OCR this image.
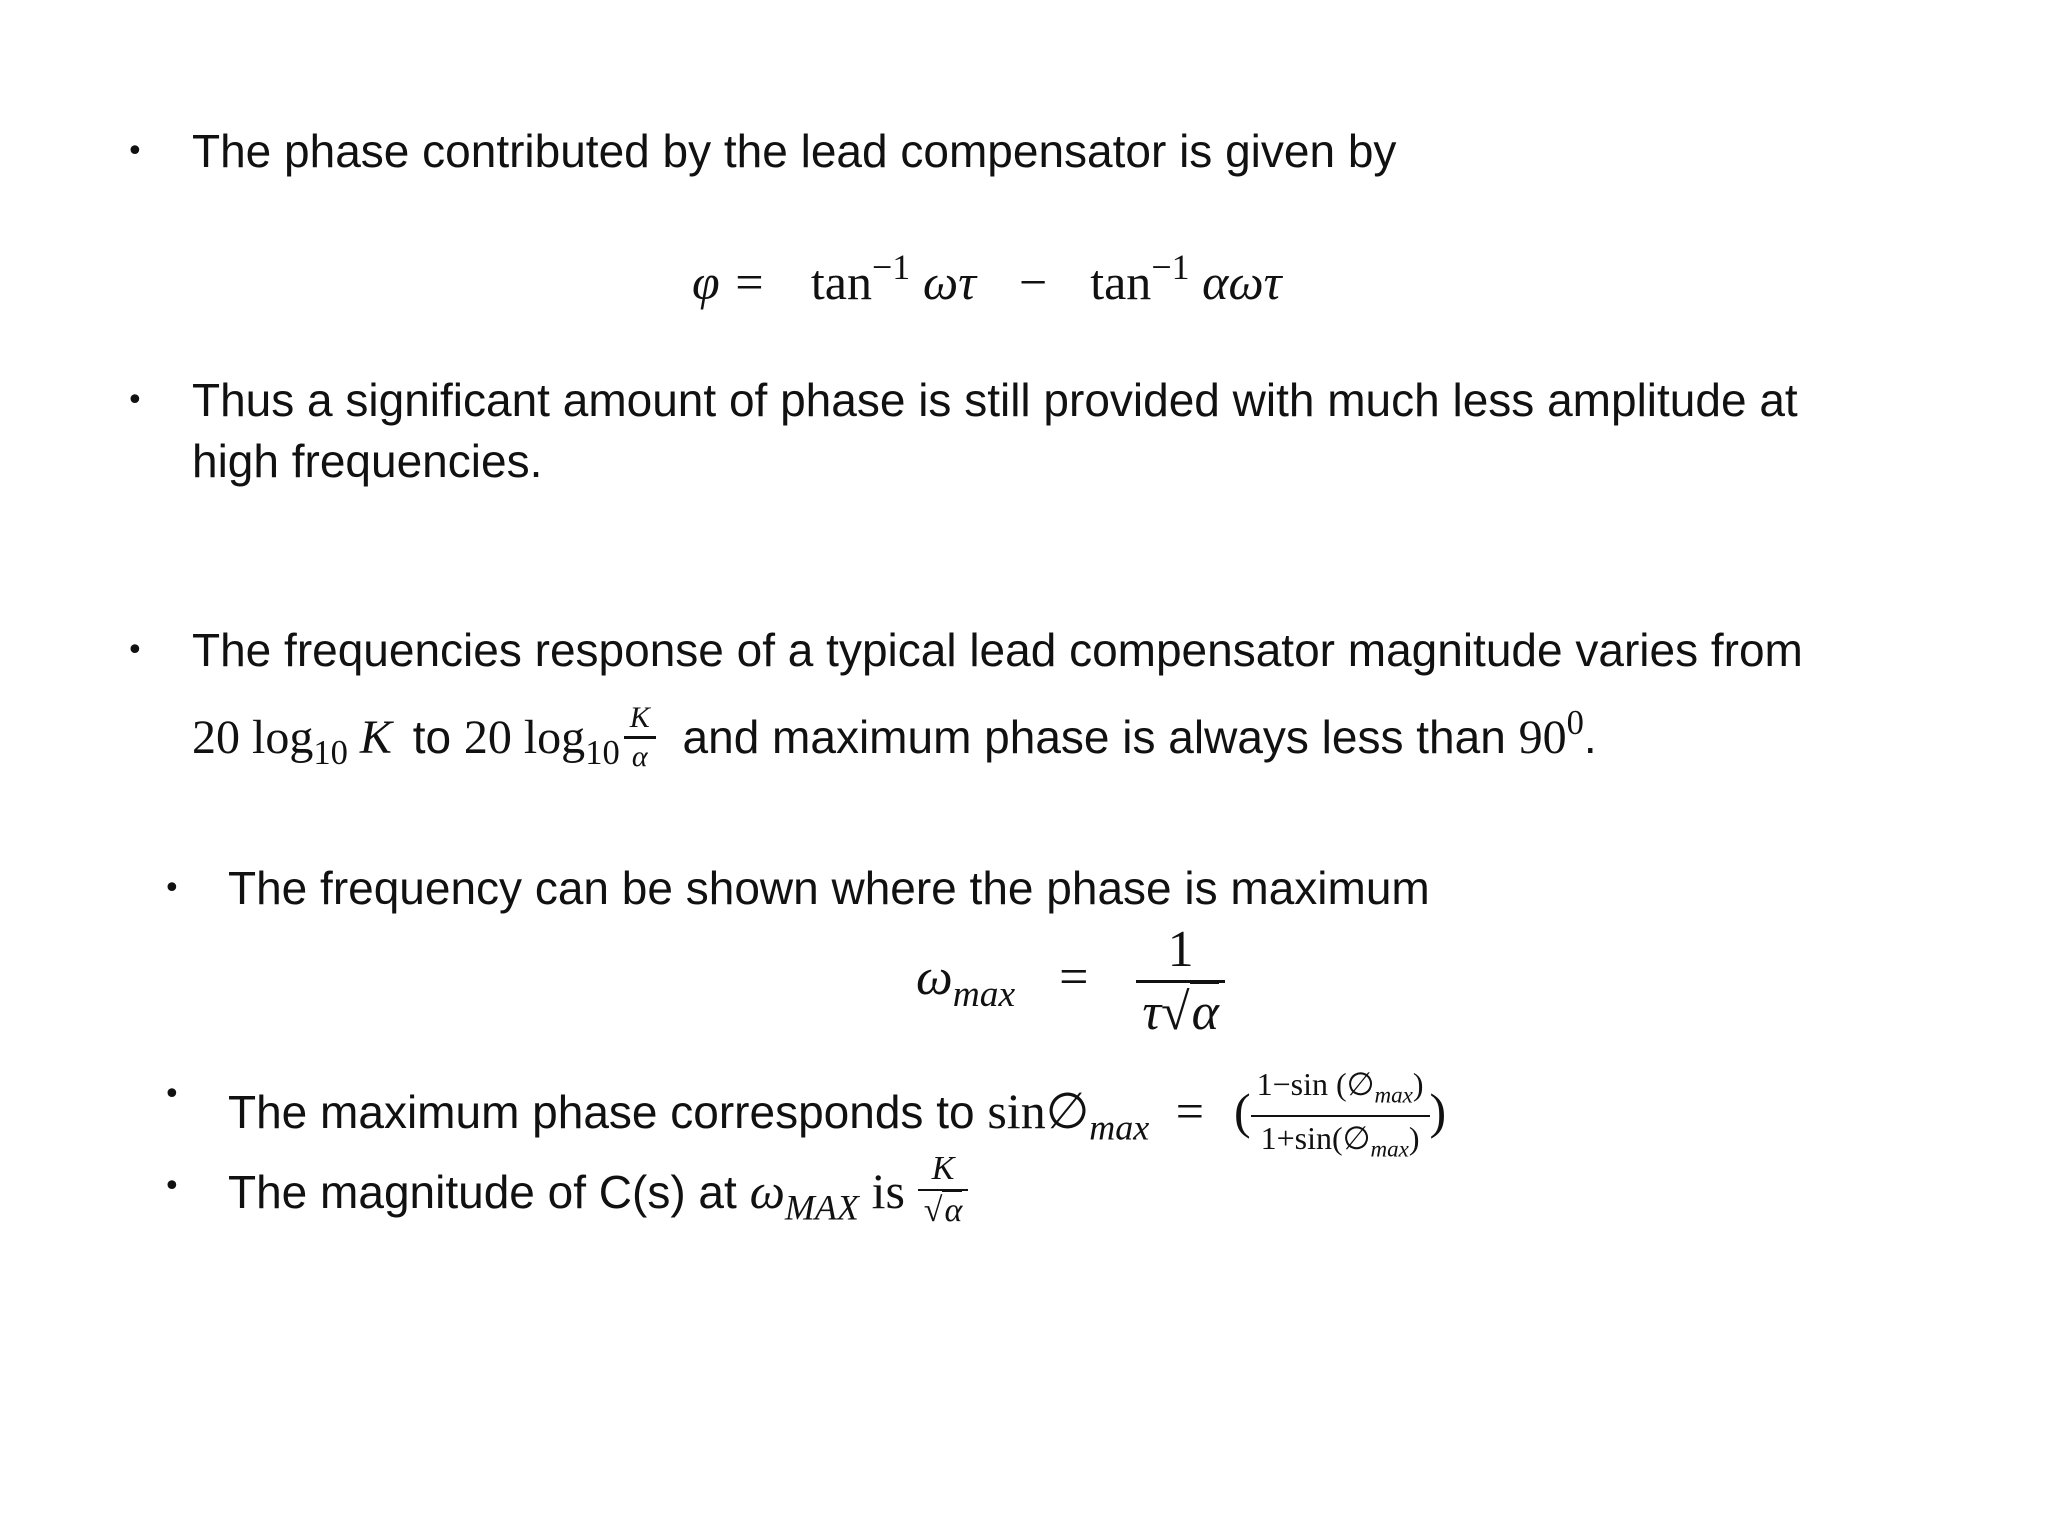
• The phase contributed by the lead compensator is given by
$\varphi = \tan^{-1} \omega\tau - \tan^{-1} \alpha\omega\tau$
• Thus a significant amount of phase is still provided with much less amplitude at
high frequencies.
• The frequencies response of a typical lead compensator magnitude varies from
20 $\log_{10} K$ to 20 $\log_{10} \frac{K}{\alpha}$ and maximum phase is always less than $90^0$.
• The frequency can be shown where the phase is maximum
$\omega_{max} = \frac{1}{\tau√\alpha}$
• The maximum phase corresponds to $\sin\emptyset_{max}$ = ( $\frac{1-\sin (\emptyset_{max})}{1+\sin(\emptyset_{max})}$ )
• The magnitude of C(s) at $\omega_{MAX}$ is $\frac{K}{√\alpha}$
